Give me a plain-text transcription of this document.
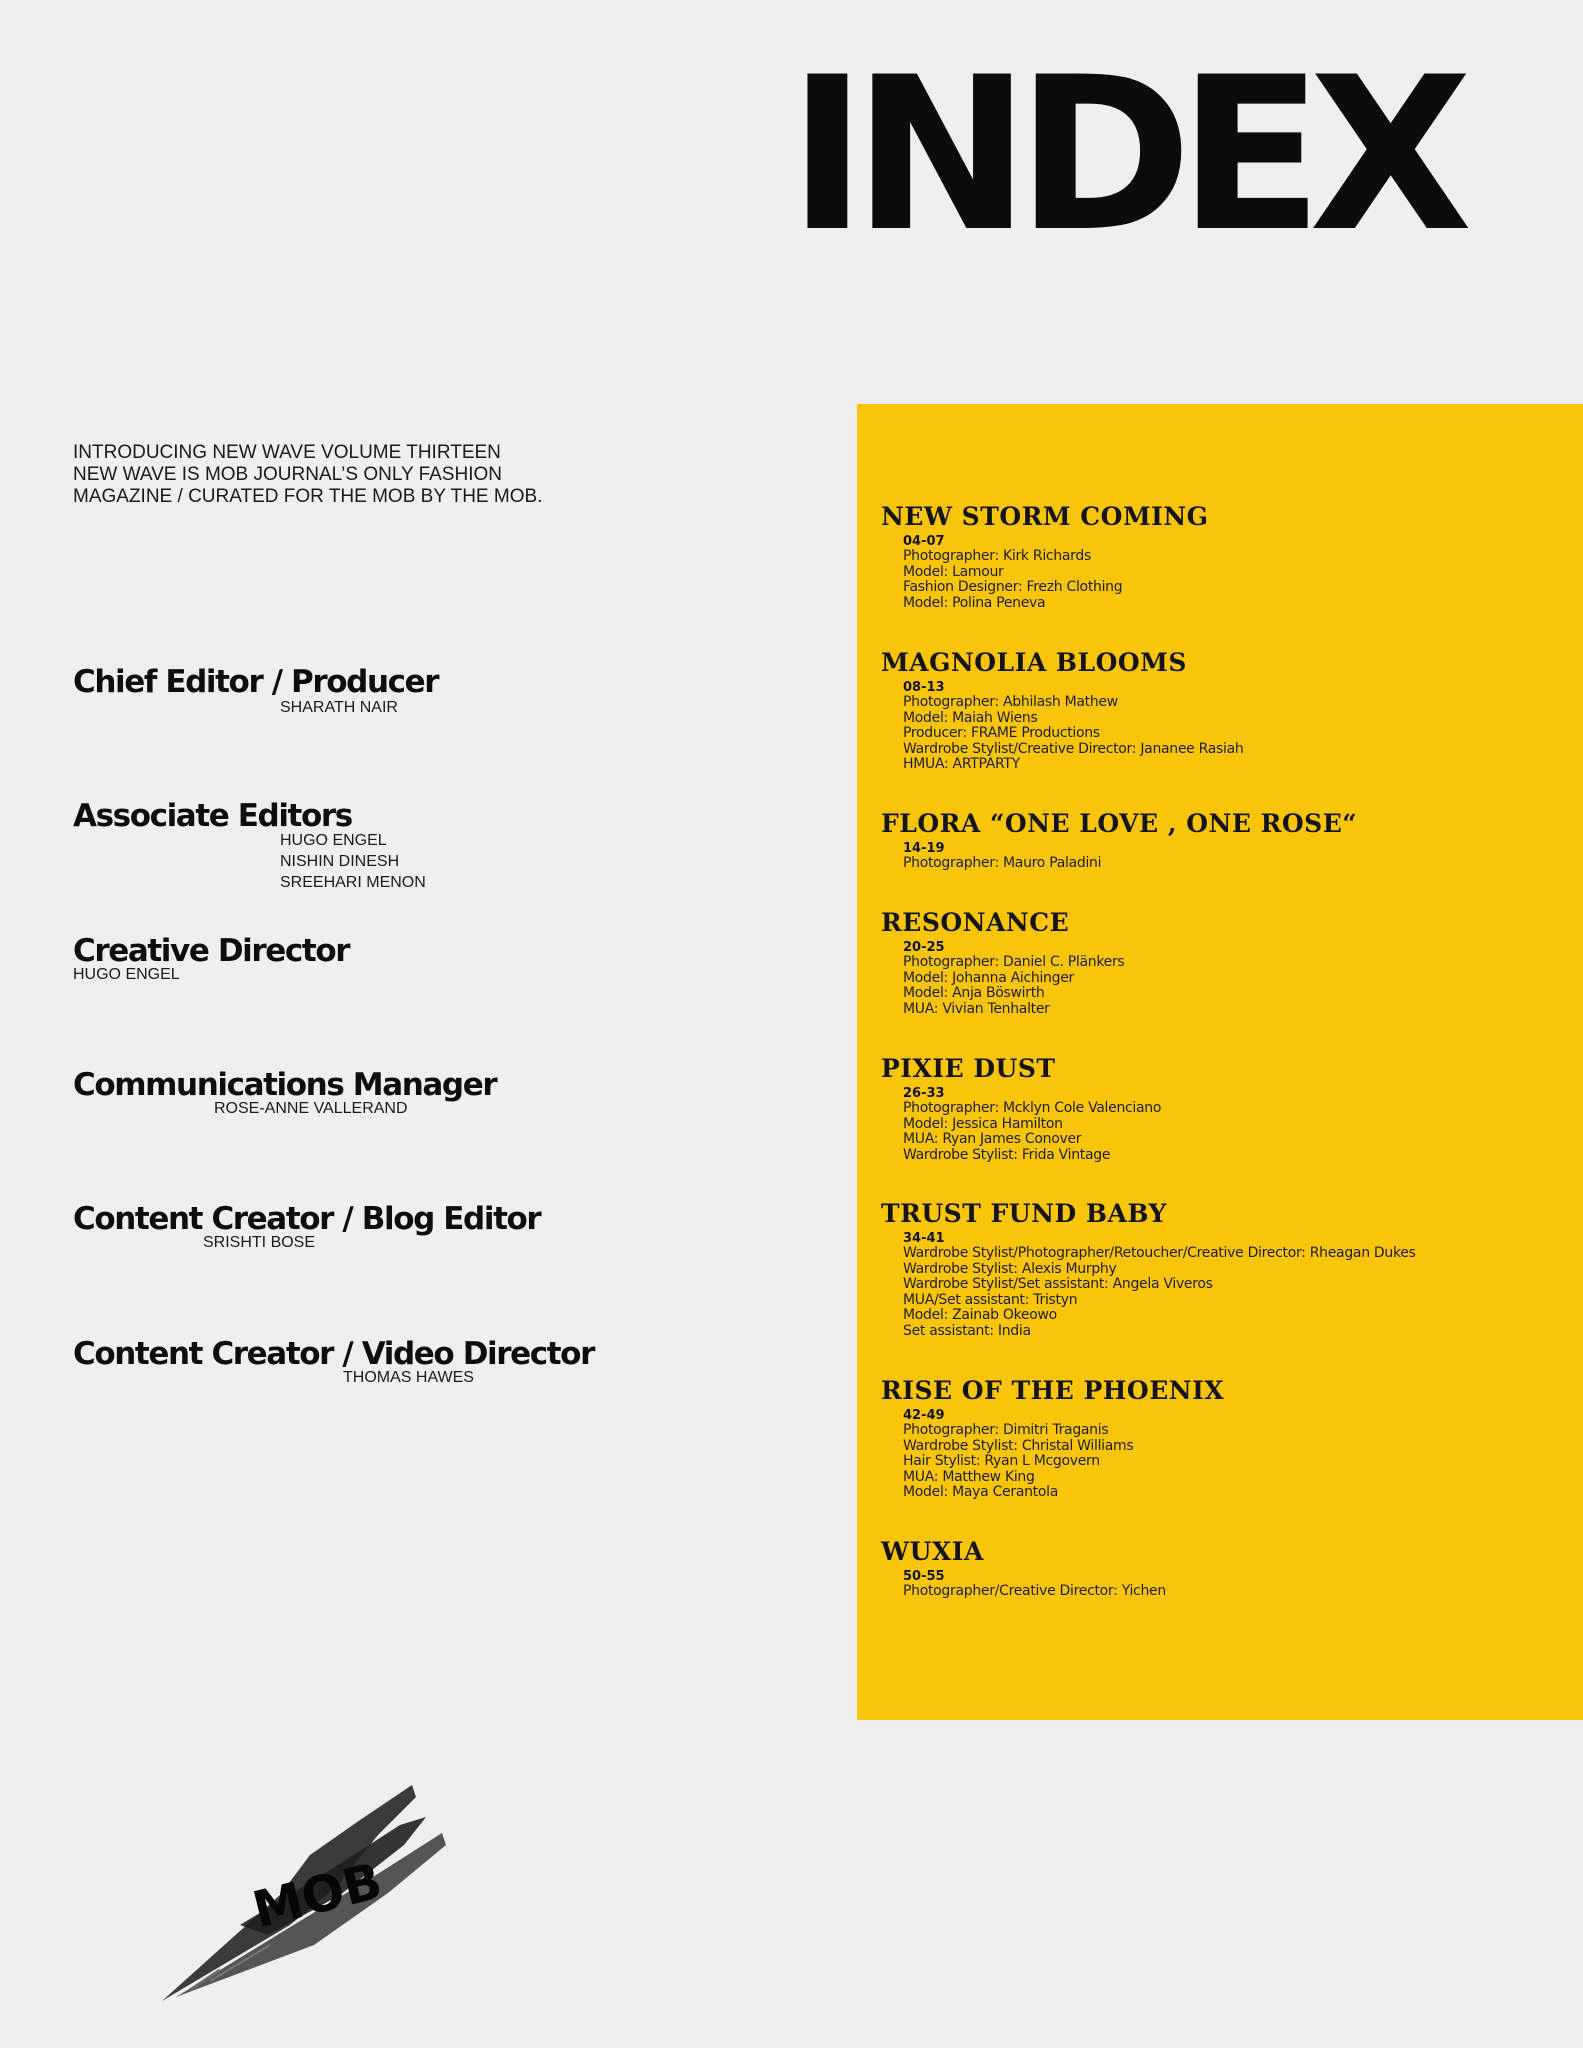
INDEX
INTRODUCING NEW WAVE VOLUME THIRTEEN
NEW WAVE IS MOB JOURNAL’S ONLY FASHION
MAGAZINE / CURATED FOR THE MOB BY THE MOB.
Chief Editor / Producer
SHARATH NAIR
Associate Editors
HUGO ENGEL
NISHIN DINESH
SREEHARI MENON
Creative Director
HUGO ENGEL
Communications Manager
ROSE-ANNE VALLERAND
Content Creator / Blog Editor
SRISHTI BOSE
Content Creator / Video Director
THOMAS HAWES
NEW STORM COMING
04-07
Photographer: Kirk Richards
Model: Lamour
Fashion Designer: Frezh Clothing
Model: Polina Peneva
MAGNOLIA BLOOMS
08-13
Photographer: Abhilash Mathew
Model: Maiah Wiens
Producer: FRAME Productions
Wardrobe Stylist/Creative Director: Jananee Rasiah
HMUA: ARTPARTY
FLORA “ONE LOVE , ONE ROSE“
14-19
Photographer: Mauro Paladini
RESONANCE
20-25
Photographer: Daniel C. Plänkers
Model: Johanna Aichinger
Model: Anja Böswirth
MUA: Vivian Tenhalter
PIXIE DUST
26-33
Photographer: Mcklyn Cole Valenciano
Model: Jessica Hamilton
MUA: Ryan James Conover
Wardrobe Stylist: Frida Vintage
TRUST FUND BABY
34-41
Wardrobe Stylist/Photographer/Retoucher/Creative Director: Rheagan Dukes
Wardrobe Stylist: Alexis Murphy
Wardrobe Stylist/Set assistant: Angela Viveros
MUA/Set assistant: Tristyn
Model: Zainab Okeowo
Set assistant: India
RISE OF THE PHOENIX
42-49
Photographer: Dimitri Traganis
Wardrobe Stylist: Christal Williams
Hair Stylist: Ryan L Mcgovern
MUA: Matthew King
Model: Maya Cerantola
WUXIA
50-55
Photographer/Creative Director: Yichen
MOB
